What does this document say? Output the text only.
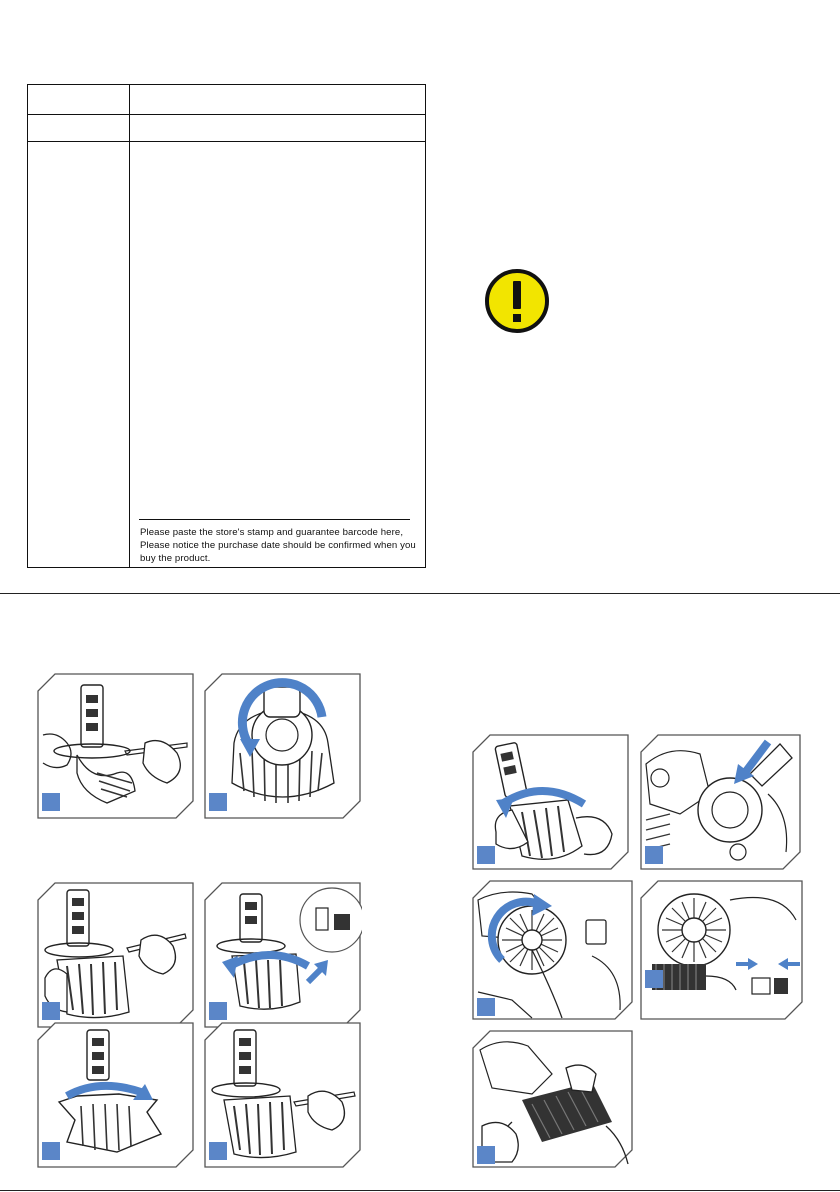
Please paste the store's stamp and guarantee barcode here,
Please notice the purchase date should be confirmed when you
buy the product.
